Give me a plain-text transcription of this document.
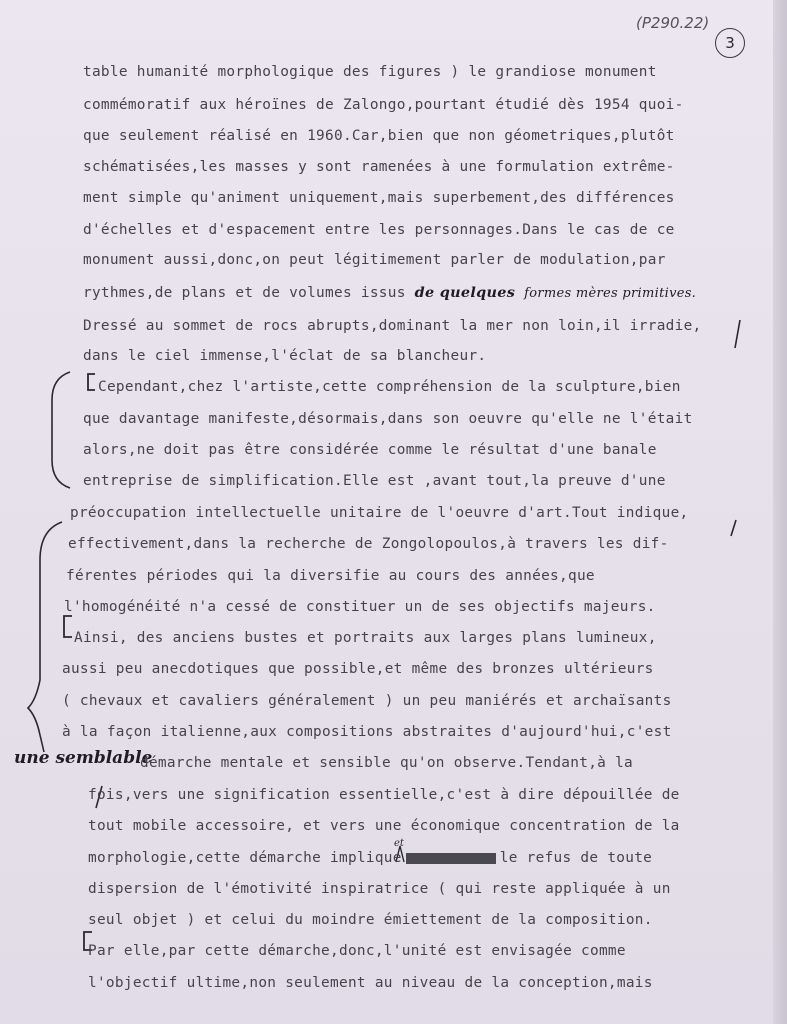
(P290.22)
3
table humanité morphologique des figures ) le grandiose monument
commémoratif aux héroïnes de Zalongo,pourtant étudié dès 1954 quoi-
que seulement réalisé en 1960.Car,bien que non géometriques,plutôt
schématisées,les masses y sont ramenées à une formulation extrême-
ment simple qu'animent uniquement,mais superbement,des différences
d'échelles et d'espacement entre les personnages.Dans le cas de ce
monument aussi,donc,on peut légitimement parler de modulation,par
rythmes,de plans et de volumes issus de quelques formes mères primitives.
Dressé au sommet de rocs abrupts,dominant la mer non loin,il irradie,
dans le ciel immense,l'éclat de sa blancheur.
Cependant,chez l'artiste,cette compréhension de la sculpture,bien
que davantage manifeste,désormais,dans son oeuvre qu'elle ne l'était
alors,ne doit pas être considérée comme le résultat d'une banale
entreprise de simplification.Elle est ,avant tout,la preuve d'une
préoccupation intellectuelle unitaire de l'oeuvre d'art.Tout indique,
effectivement,dans la recherche de Zongolopoulos,à travers les dif-
férentes périodes qui la diversifie au cours des années,que
l'homogénéité n'a cessé de constituer un de ses objectifs majeurs.
Ainsi, des anciens bustes et portraits aux larges plans lumineux,
aussi peu anecdotiques que possible,et même des bronzes ultérieurs
( chevaux et cavaliers généralement ) un peu maniérés et archaïsants
à la façon italienne,aux compositions abstraites d'aujourd'hui,c'est
une semblable
démarche mentale et sensible qu'on observe.Tendant,à la
fois,vers une signification essentielle,c'est à dire dépouillée de
tout mobile accessoire, et vers une économique concentration de la
morphologie,cette démarche implique	le refus de toute
et
dispersion de l'émotivité inspiratrice ( qui reste appliquée à un
seul objet ) et celui du moindre émiettement de la composition.
Par elle,par cette démarche,donc,l'unité est envisagée comme
l'objectif ultime,non seulement au niveau de la conception,mais
